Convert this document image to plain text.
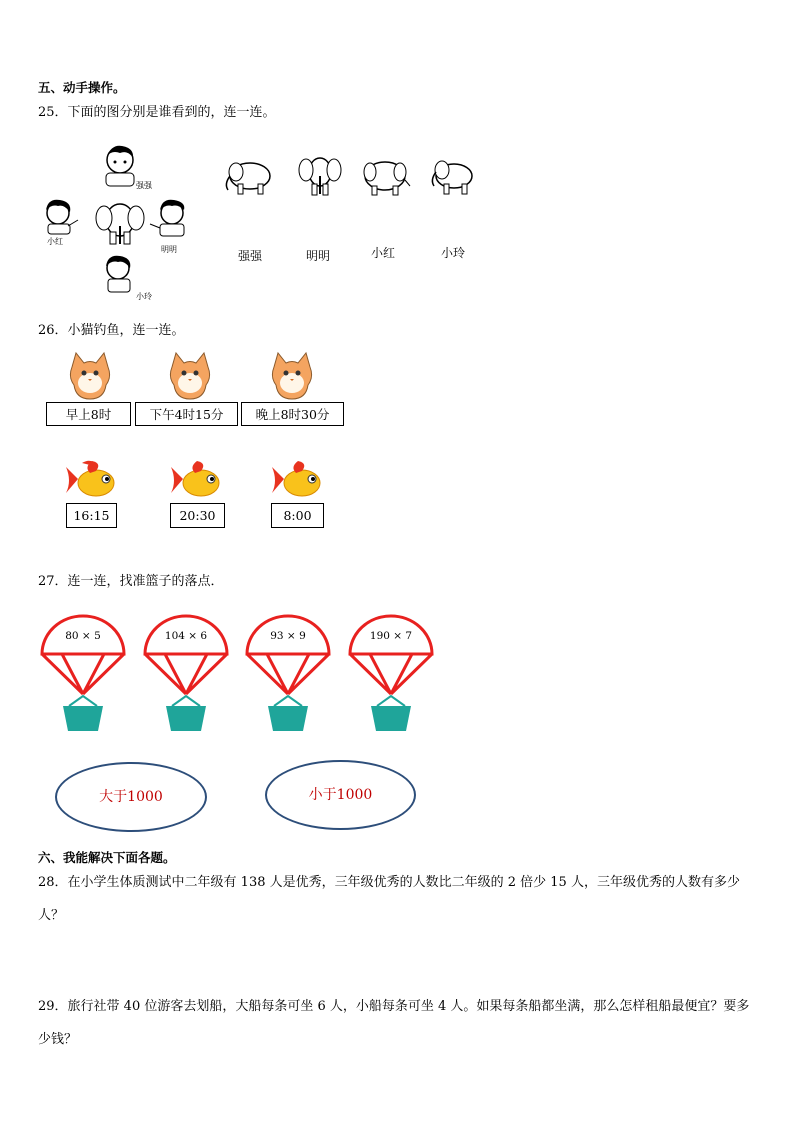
五、动手操作。
25．下面的图分别是谁看到的，连一连。
强强
小红
明明
小玲
强强	明明	小红	小玲
26．小猫钓鱼，连一连。
早上8时	下午4时15分	晚上8时30分
16:15	20:30	8:00
27．连一连，找准篮子的落点．
80 × 5	104 × 6	93 × 9	190 × 7
大于1000	小于1000
六、我能解决下面各题。
28．在小学生体质测试中二年级有 138 人是优秀，三年级优秀的人数比二年级的 2 倍少 15 人，三年级优秀的人数有多少人？
29．旅行社带 40 位游客去划船，大船每条可坐 6 人，小船每条可坐 4 人。如果每条船都坐满，那么怎样租船最便宜？要多少钱？
